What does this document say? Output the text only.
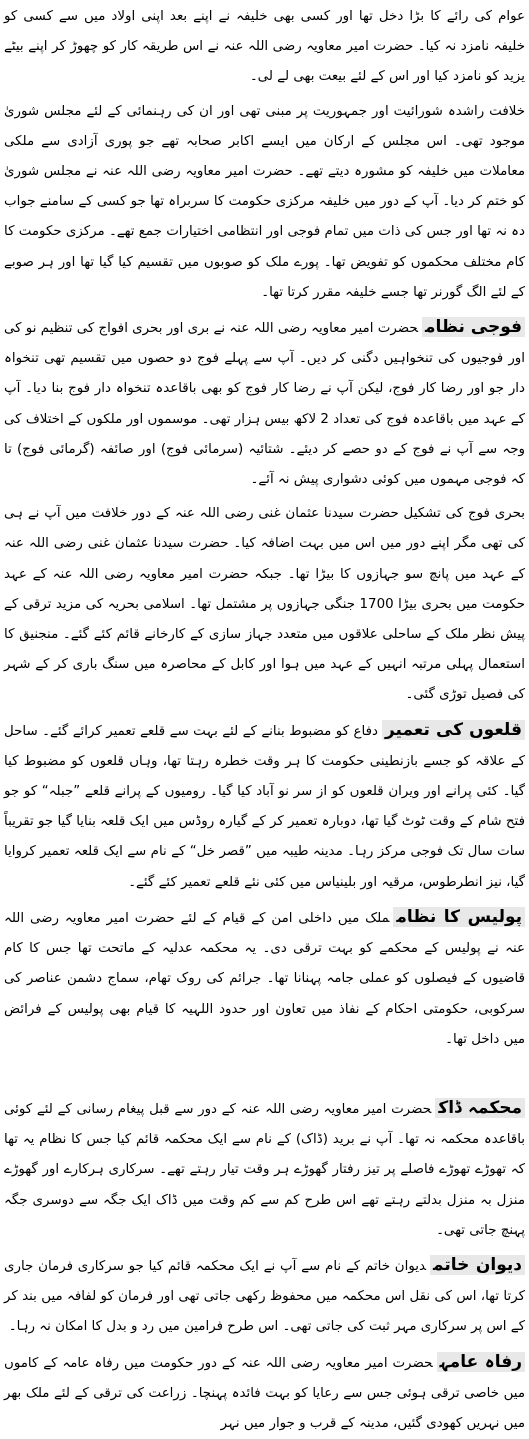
عوام کی رائے کا بڑا دخل تھا اور کسی بھی خلیفہ نے اپنے بعد اپنی اولاد میں سے کسی کو خلیفہ نامزد نہ کیا۔ حضرت امیر معاویہ رضی اللہ عنہ نے اس طریقہ کار کو چھوڑ کر اپنے بیٹے یزید کو نامزد کیا اور اس کے لئے بیعت بھی لے لی۔

خلافت راشدہ شورائیت اور جمہوریت پر مبنی تھی اور ان کی رہنمائی کے لئے مجلس شوریٰ موجود تھی۔ اس مجلس کے ارکان میں ایسے اکابر صحابہ تھے جو پوری آزادی سے ملکی معاملات میں خلیفہ کو مشورہ دیتے تھے۔ حضرت امیر معاویہ رضی اللہ عنہ نے مجلس شوریٰ کو ختم کر دیا۔ آپ کے دور میں خلیفہ مرکزی حکومت کا سربراہ تھا جو کسی کے سامنے جواب دہ نہ تھا اور جس کی ذات میں تمام فوجی اور انتظامی اختیارات جمع تھے۔ مرکزی حکومت کا کام مختلف محکموں کو تفویض تھا۔ پورے ملک کو صوبوں میں تقسیم کیا گیا تھا اور ہر صوبے کے لئے الگ گورنر تھا جسے خلیفہ مقرر کرتا تھا۔

فوجی نظامحضرت امیر معاویہ رضی اللہ عنہ نے بری اور بحری افواج کی تنظیم نو کی اور فوجیوں کی تنخواہیں دگنی کر دیں۔ آپ سے پہلے فوج دو حصوں میں تقسیم تھی تنخواہ دار جو اور رضا کار فوج، لیکن آپ نے رضا کار فوج کو بھی باقاعدہ تنخواہ دار فوج بنا دیا۔ آپ کے عہد میں باقاعدہ فوج کی تعداد 2 لاکھ بیس ہزار تھی۔ موسموں اور ملکوں کے اختلاف کی وجہ سے آپ نے فوج کے دو حصے کر دیئے۔ شتائیہ (سرمائی فوج) اور صائفہ (گرمائی فوج) تا کہ فوجی مہموں میں کوئی دشواری پیش نہ آئے۔

بحری فوج کی تشکیل حضرت سیدنا عثمان غنی رضی اللہ عنہ کے دور خلافت میں آپ نے ہی کی تھی مگر اپنے دور میں اس میں بہت اضافہ کیا۔ حضرت سیدنا عثمان غنی رضی اللہ عنہ کے عہد میں پانچ سو جہازوں کا بیڑا تھا۔ جبکہ حضرت امیر معاویہ رضی اللہ عنہ کے عہد حکومت میں بحری بیڑا 1700 جنگی جہازوں پر مشتمل تھا۔ اسلامی بحریہ کی مزید ترقی کے پیش نظر ملک کے ساحلی علاقوں میں متعدد جہاز سازی کے کارخانے قائم کئے گئے۔ منجنیق کا استعمال پہلی مرتبہ انہیں کے عہد میں ہوا اور کابل کے محاصرہ میں سنگ باری کر کے شہر کی فصیل توڑی گئی۔

قلعوں کی تعمیردفاع کو مضبوط بنانے کے لئے بہت سے قلعے تعمیر کرائے گئے۔ ساحل کے علاقہ کو جسے بازنطینی حکومت کا ہر وقت خطرہ رہتا تھا، وہاں قلعوں کو مضبوط کیا گیا۔ کئی پرانے اور ویران قلعوں کو از سر نو آباد کیا گیا۔ رومیوں کے پرانے قلعے ”جبلہ“ کو جو فتح شام کے وقت ٹوٹ گیا تھا، دوبارہ تعمیر کر کے گیارہ روڈس میں ایک قلعہ بنایا گیا جو تقریباً سات سال تک فوجی مرکز رہا۔ مدینہ طیبہ میں ”قصر خل“ کے نام سے ایک قلعہ تعمیر کروایا گیا، نیز انطرطوس، مرقیہ اور بلینیاس میں کئی نئے قلعے تعمیر کئے گئے۔

پولیس کا نظامملک میں داخلی امن کے قیام کے لئے حضرت امیر معاویہ رضی اللہ عنہ نے پولیس کے محکمے کو بہت ترقی دی۔ یہ محکمہ عدلیہ کے ماتحت تھا جس کا کام قاضیوں کے فیصلوں کو عملی جامہ پہنانا تھا۔ جرائم کی روک تھام، سماج دشمن عناصر کی سرکوبی، حکومتی احکام کے نفاذ میں تعاون اور حدود اللہیہ کا قیام بھی پولیس کے فرائض میں داخل تھا۔

محکمہ ڈاکحضرت امیر معاویہ رضی اللہ عنہ کے دور سے قبل پیغام رسانی کے لئے کوئی باقاعدہ محکمہ نہ تھا۔ آپ نے برید (ڈاک) کے نام سے ایک محکمہ قائم کیا جس کا نظام یہ تھا کہ تھوڑے تھوڑے فاصلے پر تیز رفتار گھوڑے ہر وقت تیار رہتے تھے۔ سرکاری ہرکارے اور گھوڑے منزل بہ منزل بدلتے رہتے تھے اس طرح کم سے کم وقت میں ڈاک ایک جگہ سے دوسری جگہ پہنچ جاتی تھی۔

دیوان خاتمدیوان خاتم کے نام سے آپ نے ایک محکمہ قائم کیا جو سرکاری فرمان جاری کرتا تھا، اس کی نقل اس محکمہ میں محفوظ رکھی جاتی تھی اور فرمان کو لفافہ میں بند کر کے اس پر سرکاری مہر ثبت کی جاتی تھی۔ اس طرح فرامین میں رد و بدل کا امکان نہ رہا۔

رفاہ عامہحضرت امیر معاویہ رضی اللہ عنہ کے دور حکومت میں رفاہ عامہ کے کاموں میں خاصی ترقی ہوئی جس سے رعایا کو بہت فائدہ پہنچا۔ زراعت کی ترقی کے لئے ملک بھر میں نہریں کھودی گئیں، مدینہ کے قرب و جوار میں نہر
